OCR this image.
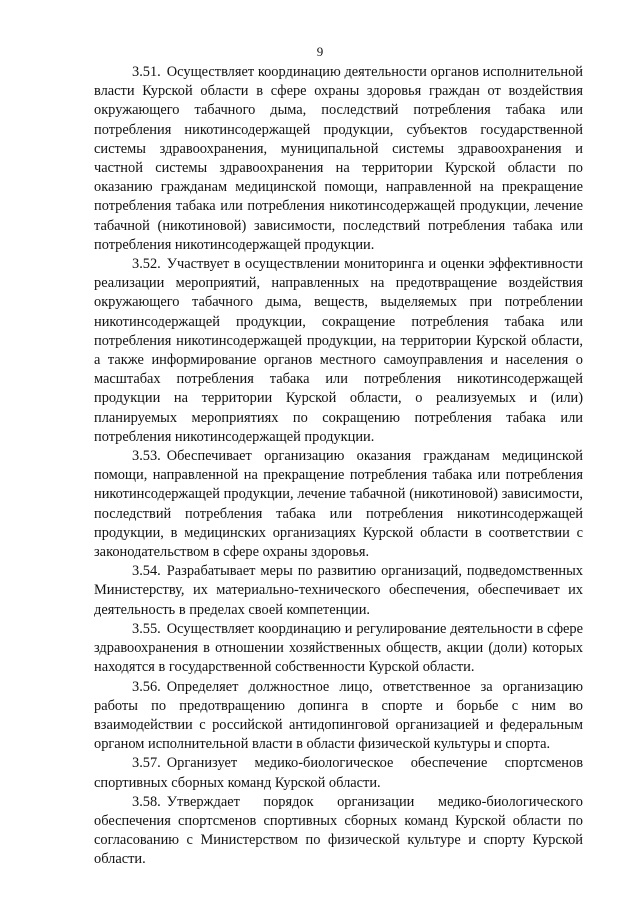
9

3.51. Осуществляет координацию деятельности органов исполнительной власти Курской области в сфере охраны здоровья граждан от воздействия окружающего табачного дыма, последствий потребления табака или потребления никотинсодержащей продукции, субъектов государственной системы здравоохранения, муниципальной системы здравоохранения и частной системы здравоохранения на территории Курской области по оказанию гражданам медицинской помощи, направленной на прекращение потребления табака или потребления никотинсодержащей продукции, лечение табачной (никотиновой) зависимости, последствий потребления табака или потребления никотинсодержащей продукции.

3.52. Участвует в осуществлении мониторинга и оценки эффективности реализации мероприятий, направленных на предотвращение воздействия окружающего табачного дыма, веществ, выделяемых при потреблении никотинсодержащей продукции, сокращение потребления табака или потребления никотинсодержащей продукции, на территории Курской области, а также информирование органов местного самоуправления и населения о масштабах потребления табака или потребления никотинсодержащей продукции на территории Курской области, о реализуемых и (или) планируемых мероприятиях по сокращению потребления табака или потребления никотинсодержащей продукции.

3.53. Обеспечивает организацию оказания гражданам медицинской помощи, направленной на прекращение потребления табака или потребления никотинсодержащей продукции, лечение табачной (никотиновой) зависимости, последствий потребления табака или потребления никотинсодержащей продукции, в медицинских организациях Курской области в соответствии с законодательством в сфере охраны здоровья.

3.54. Разрабатывает меры по развитию организаций, подведомственных Министерству, их материально-технического обеспечения, обеспечивает их деятельность в пределах своей компетенции.

3.55. Осуществляет координацию и регулирование деятельности в сфере здравоохранения в отношении хозяйственных обществ, акции (доли) которых находятся в государственной собственности Курской области.

3.56. Определяет должностное лицо, ответственное за организацию работы по предотвращению допинга в спорте и борьбе с ним во взаимодействии с российской антидопинговой организацией и федеральным органом исполнительной власти в области физической культуры и спорта.

3.57. Организует медико-биологическое обеспечение спортсменов спортивных сборных команд Курской области.

3.58. Утверждает порядок организации медико-биологического обеспечения спортсменов спортивных сборных команд Курской области по согласованию с Министерством по физической культуре и спорту Курской области.
